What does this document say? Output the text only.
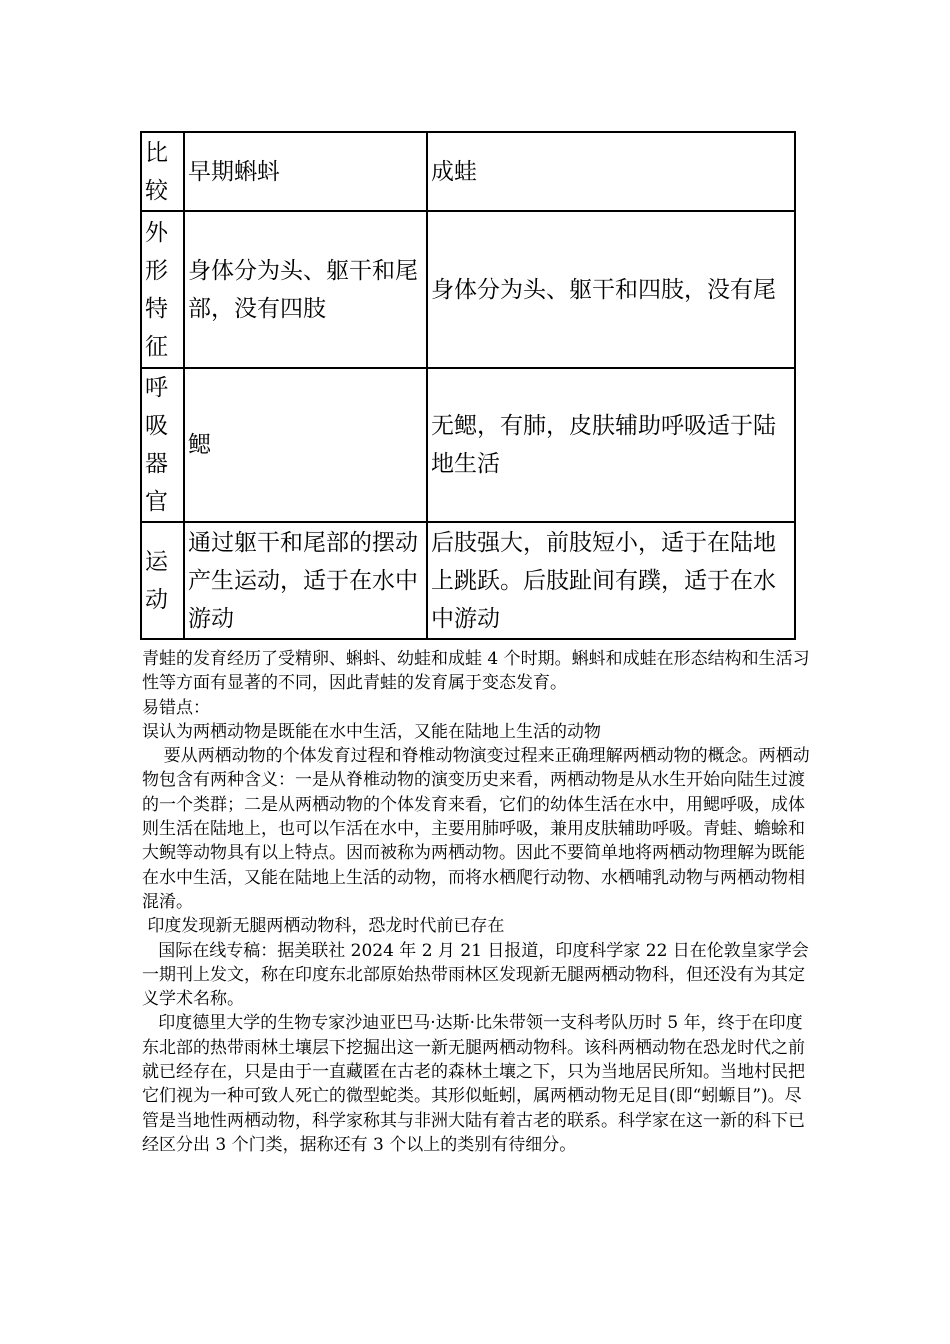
比较	早期蝌蚪	成蛙
外形特征	身体分为头、躯干和尾部，没有四肢	身体分为头、躯干和四肢，没有尾
呼吸器官	鳃	无鳃，有肺，皮肤辅助呼吸适于陆地生活
运动	通过躯干和尾部的摆动产生运动，适于在水中游动	后肢强大，前肢短小，适于在陆地上跳跃。后肢趾间有蹼，适于在水中游动

青蛙的发育经历了受精卵、蝌蚪、幼蛙和成蛙 4 个时期。蝌蚪和成蛙在形态结构和生活习性等方面有显著的不同，因此青蛙的发育属于变态发育。

易错点：

误认为两栖动物是既能在水中生活，又能在陆地上生活的动物

要从两栖动物的个体发育过程和脊椎动物演变过程来正确理解两栖动物的概念。两栖动物包含有两种含义：一是从脊椎动物的演变历史来看，两栖动物是从水生开始向陆生过渡的一个类群；二是从两栖动物的个体发育来看，它们的幼体生活在水中，用鳃呼吸，成体则生活在陆地上，也可以乍活在水中，主要用肺呼吸，兼用皮肤辅助呼吸。青蛙、蟾蜍和大鲵等动物具有以上特点。因而被称为两栖动物。因此不要简单地将两栖动物理解为既能在水中生活，又能在陆地上生活的动物，而将水栖爬行动物、水栖哺乳动物与两栖动物相混淆。

印度发现新无腿两栖动物科，恐龙时代前已存在

国际在线专稿：据美联社 2024 年 2 月 21 日报道，印度科学家 22 日在伦敦皇家学会一期刊上发文，称在印度东北部原始热带雨林区发现新无腿两栖动物科，但还没有为其定义学术名称。

印度德里大学的生物专家沙迪亚巴马·达斯·比朱带领一支科考队历时 5 年，终于在印度东北部的热带雨林土壤层下挖掘出这一新无腿两栖动物科。该科两栖动物在恐龙时代之前就已经存在，只是由于一直藏匿在古老的森林土壤之下，只为当地居民所知。当地村民把它们视为一种可致人死亡的微型蛇类。其形似蚯蚓，属两栖动物无足目(即“蚓螈目”)。尽管是当地性两栖动物，科学家称其与非洲大陆有着古老的联系。科学家在这一新的科下已经区分出 3 个门类，据称还有 3 个以上的类别有待细分。
